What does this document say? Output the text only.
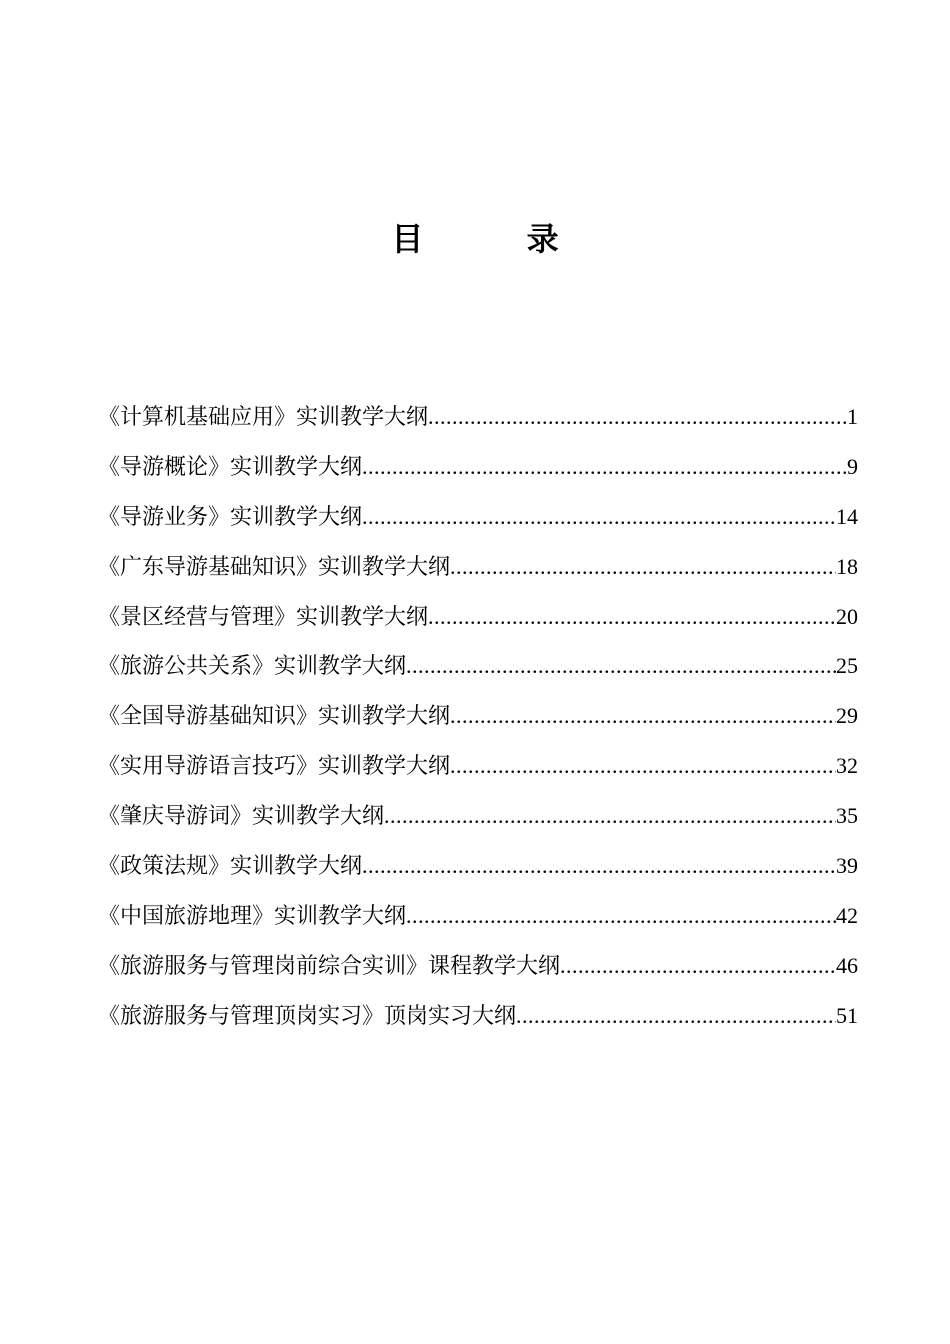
目 录
《计算机基础应用》实训教学大纲 .....	1
《导游概论》实训教学大纲 .....	9
《导游业务》实训教学大纲 .....	14
《广东导游基础知识》实训教学大纲 .....	18
《景区经营与管理》实训教学大纲 .....	20
《旅游公共关系》实训教学大纲 .....	25
《全国导游基础知识》实训教学大纲 .....	29
《实用导游语言技巧》实训教学大纲 .....	32
《肇庆导游词》实训教学大纲 .....	35
《政策法规》实训教学大纲 .....	39
《中国旅游地理》实训教学大纲 .....	42
《旅游服务与管理岗前综合实训》课程教学大纲 .....	46
《旅游服务与管理顶岗实习》顶岗实习大纲 .....	51
